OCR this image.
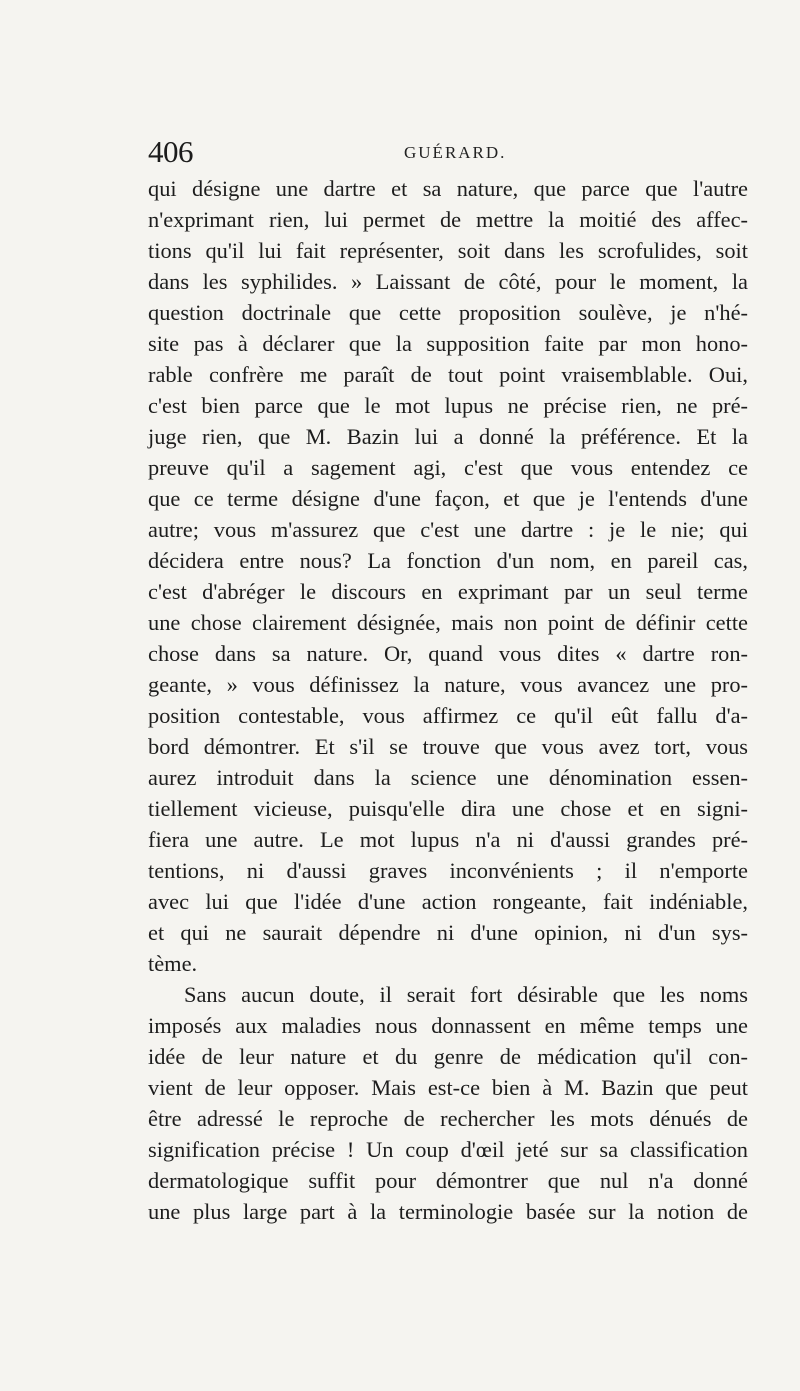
406	GUÉRARD.
qui désigne une dartre et sa nature, que parce que l'autre
n'exprimant rien, lui permet de mettre la moitié des affec-
tions qu'il lui fait représenter, soit dans les scrofulides, soit
dans les syphilides. » Laissant de côté, pour le moment, la
question doctrinale que cette proposition soulève, je n'hé-
site pas à déclarer que la supposition faite par mon hono-
rable confrère me paraît de tout point vraisemblable. Oui,
c'est bien parce que le mot lupus ne précise rien, ne pré-
juge rien, que M. Bazin lui a donné la préférence. Et la
preuve qu'il a sagement agi, c'est que vous entendez ce
que ce terme désigne d'une façon, et que je l'entends d'une
autre; vous m'assurez que c'est une dartre : je le nie; qui
décidera entre nous? La fonction d'un nom, en pareil cas,
c'est d'abréger le discours en exprimant par un seul terme
une chose clairement désignée, mais non point de définir cette
chose dans sa nature. Or, quand vous dites « dartre ron-
geante, » vous définissez la nature, vous avancez une pro-
position contestable, vous affirmez ce qu'il eût fallu d'a-
bord démontrer. Et s'il se trouve que vous avez tort, vous
aurez introduit dans la science une dénomination essen-
tiellement vicieuse, puisqu'elle dira une chose et en signi-
fiera une autre. Le mot lupus n'a ni d'aussi grandes pré-
tentions, ni d'aussi graves inconvénients ; il n'emporte
avec lui que l'idée d'une action rongeante, fait indéniable,
et qui ne saurait dépendre ni d'une opinion, ni d'un sys-
tème.
Sans aucun doute, il serait fort désirable que les noms
imposés aux maladies nous donnassent en même temps une
idée de leur nature et du genre de médication qu'il con-
vient de leur opposer. Mais est-ce bien à M. Bazin que peut
être adressé le reproche de rechercher les mots dénués de
signification précise ! Un coup d'œil jeté sur sa classification
dermatologique suffit pour démontrer que nul n'a donné
une plus large part à la terminologie basée sur la notion de
